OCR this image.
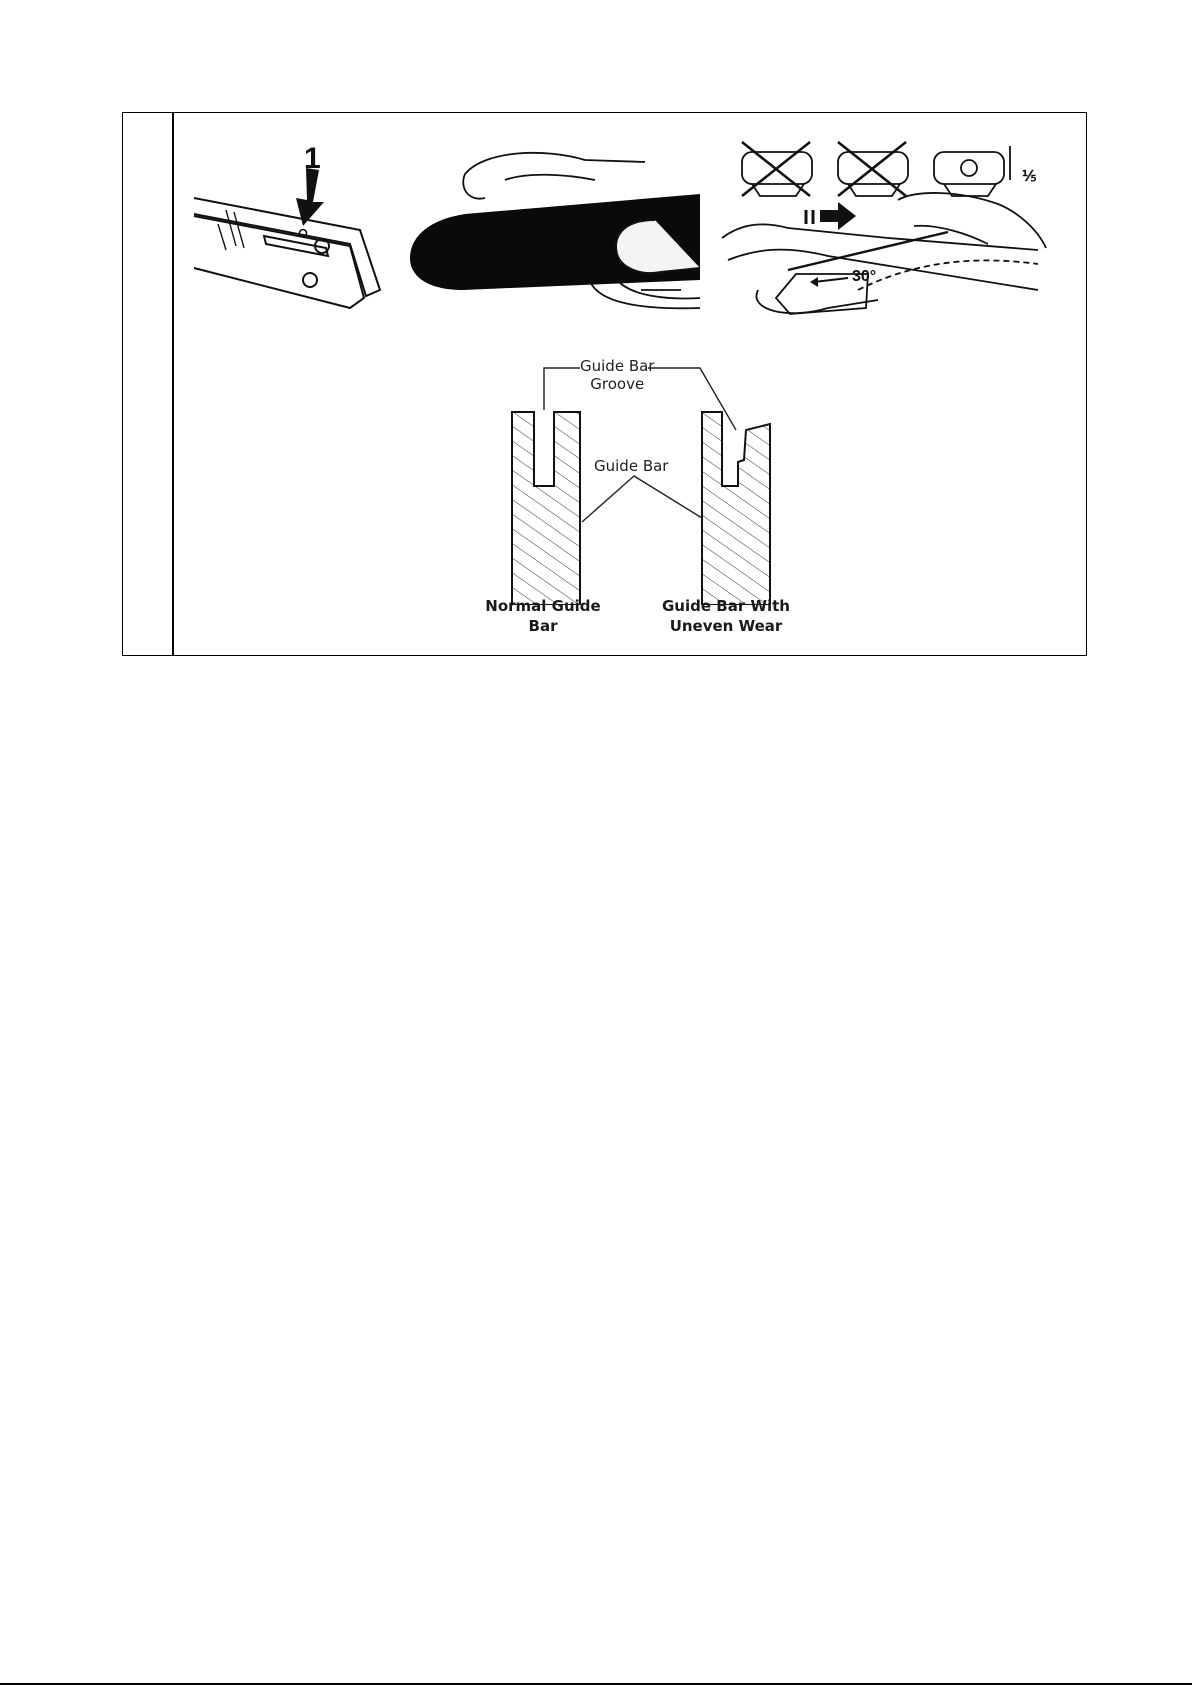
1
30°
⅕
Guide Bar
Groove
Guide Bar
Normal Guide
Bar
Guide Bar With
Uneven Wear
